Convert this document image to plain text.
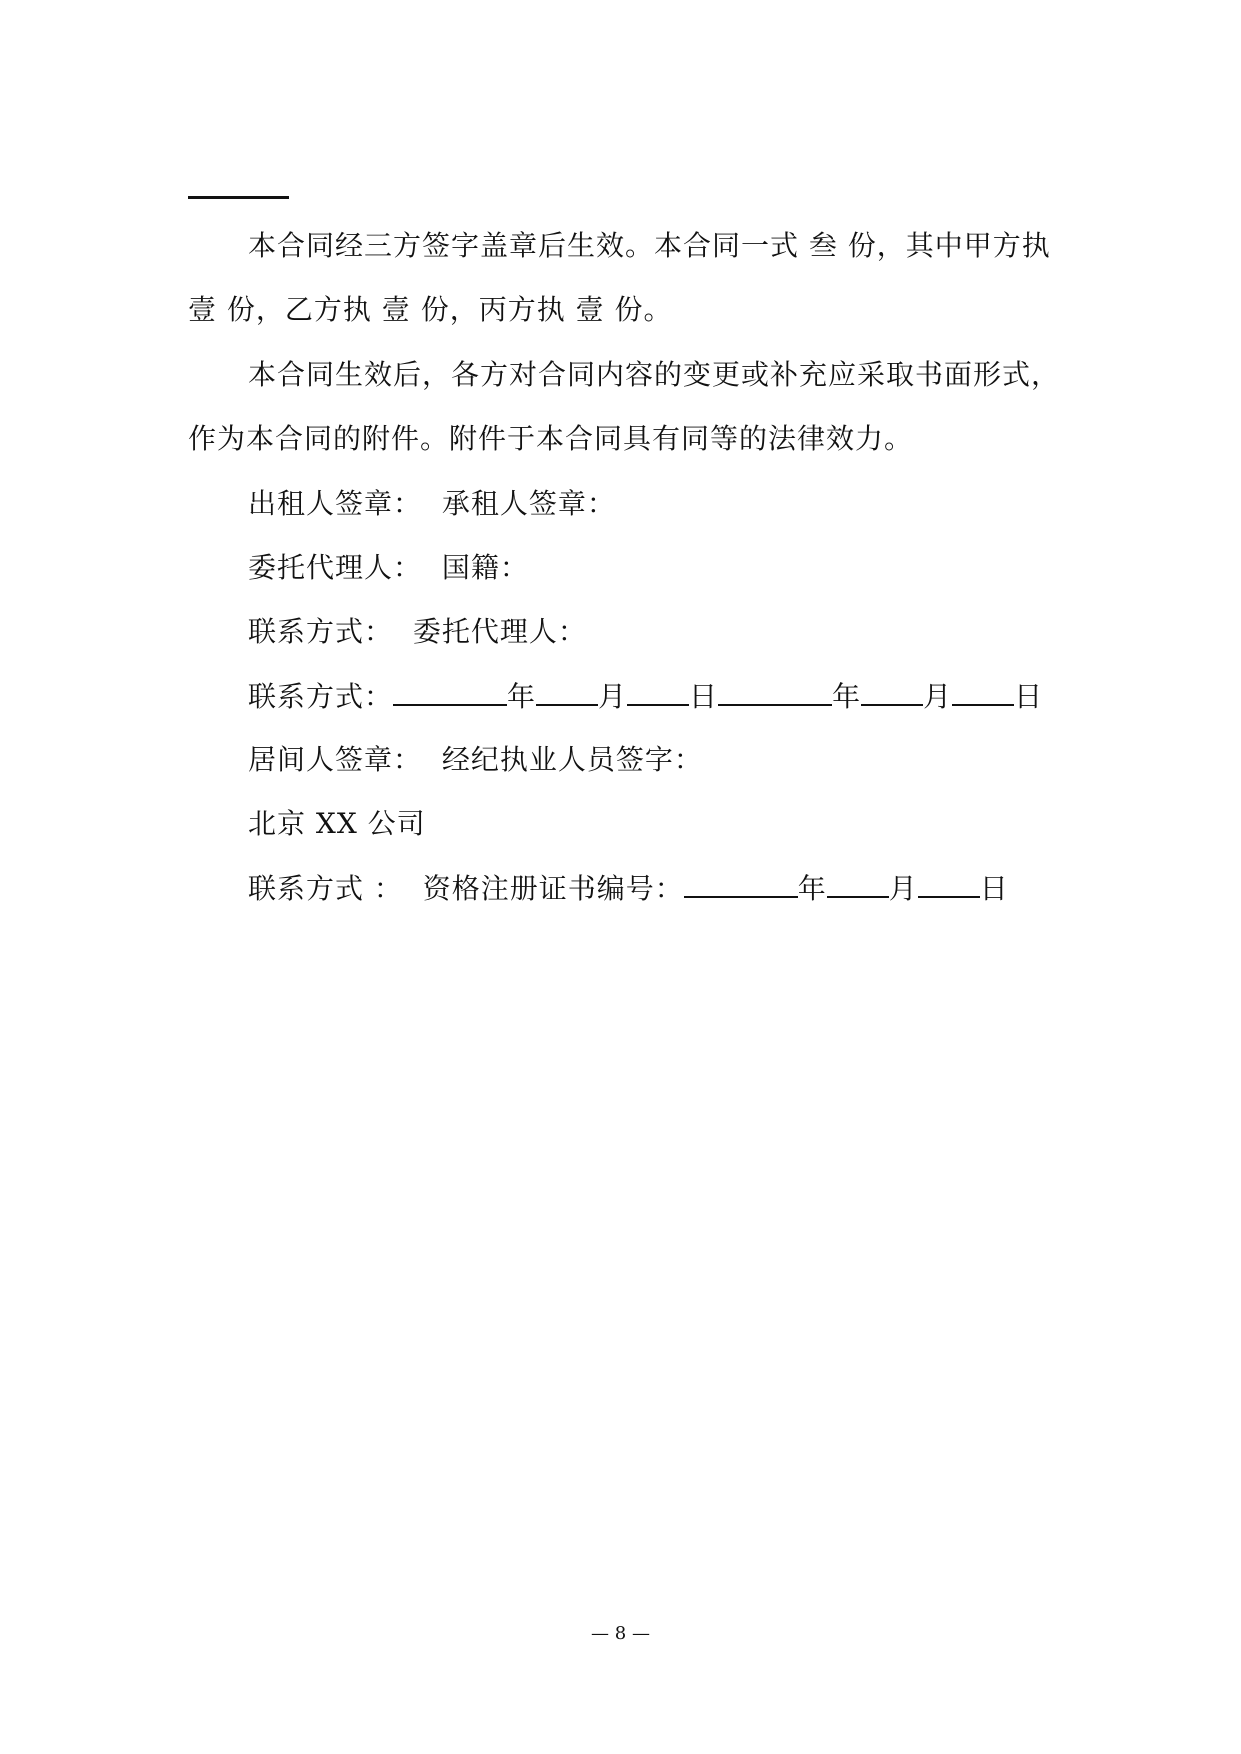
本合同经三方签字盖章后生效。本合同一式 叁 份，其中甲方执
壹 份，乙方执 壹 份，丙方执 壹 份。
本合同生效后，各方对合同内容的变更或补充应采取书面形式，
作为本合同的附件。附件于本合同具有同等的法律效力。
出租人签章： 承租人签章：
委托代理人： 国籍：
联系方式： 委托代理人：
联系方式：	年 月 日	年 月 日
居间人签章： 经纪执业人员签字：
北京 XX 公司
联系方式 ： 资格注册证书编号：	年 月 日
— 8 —
